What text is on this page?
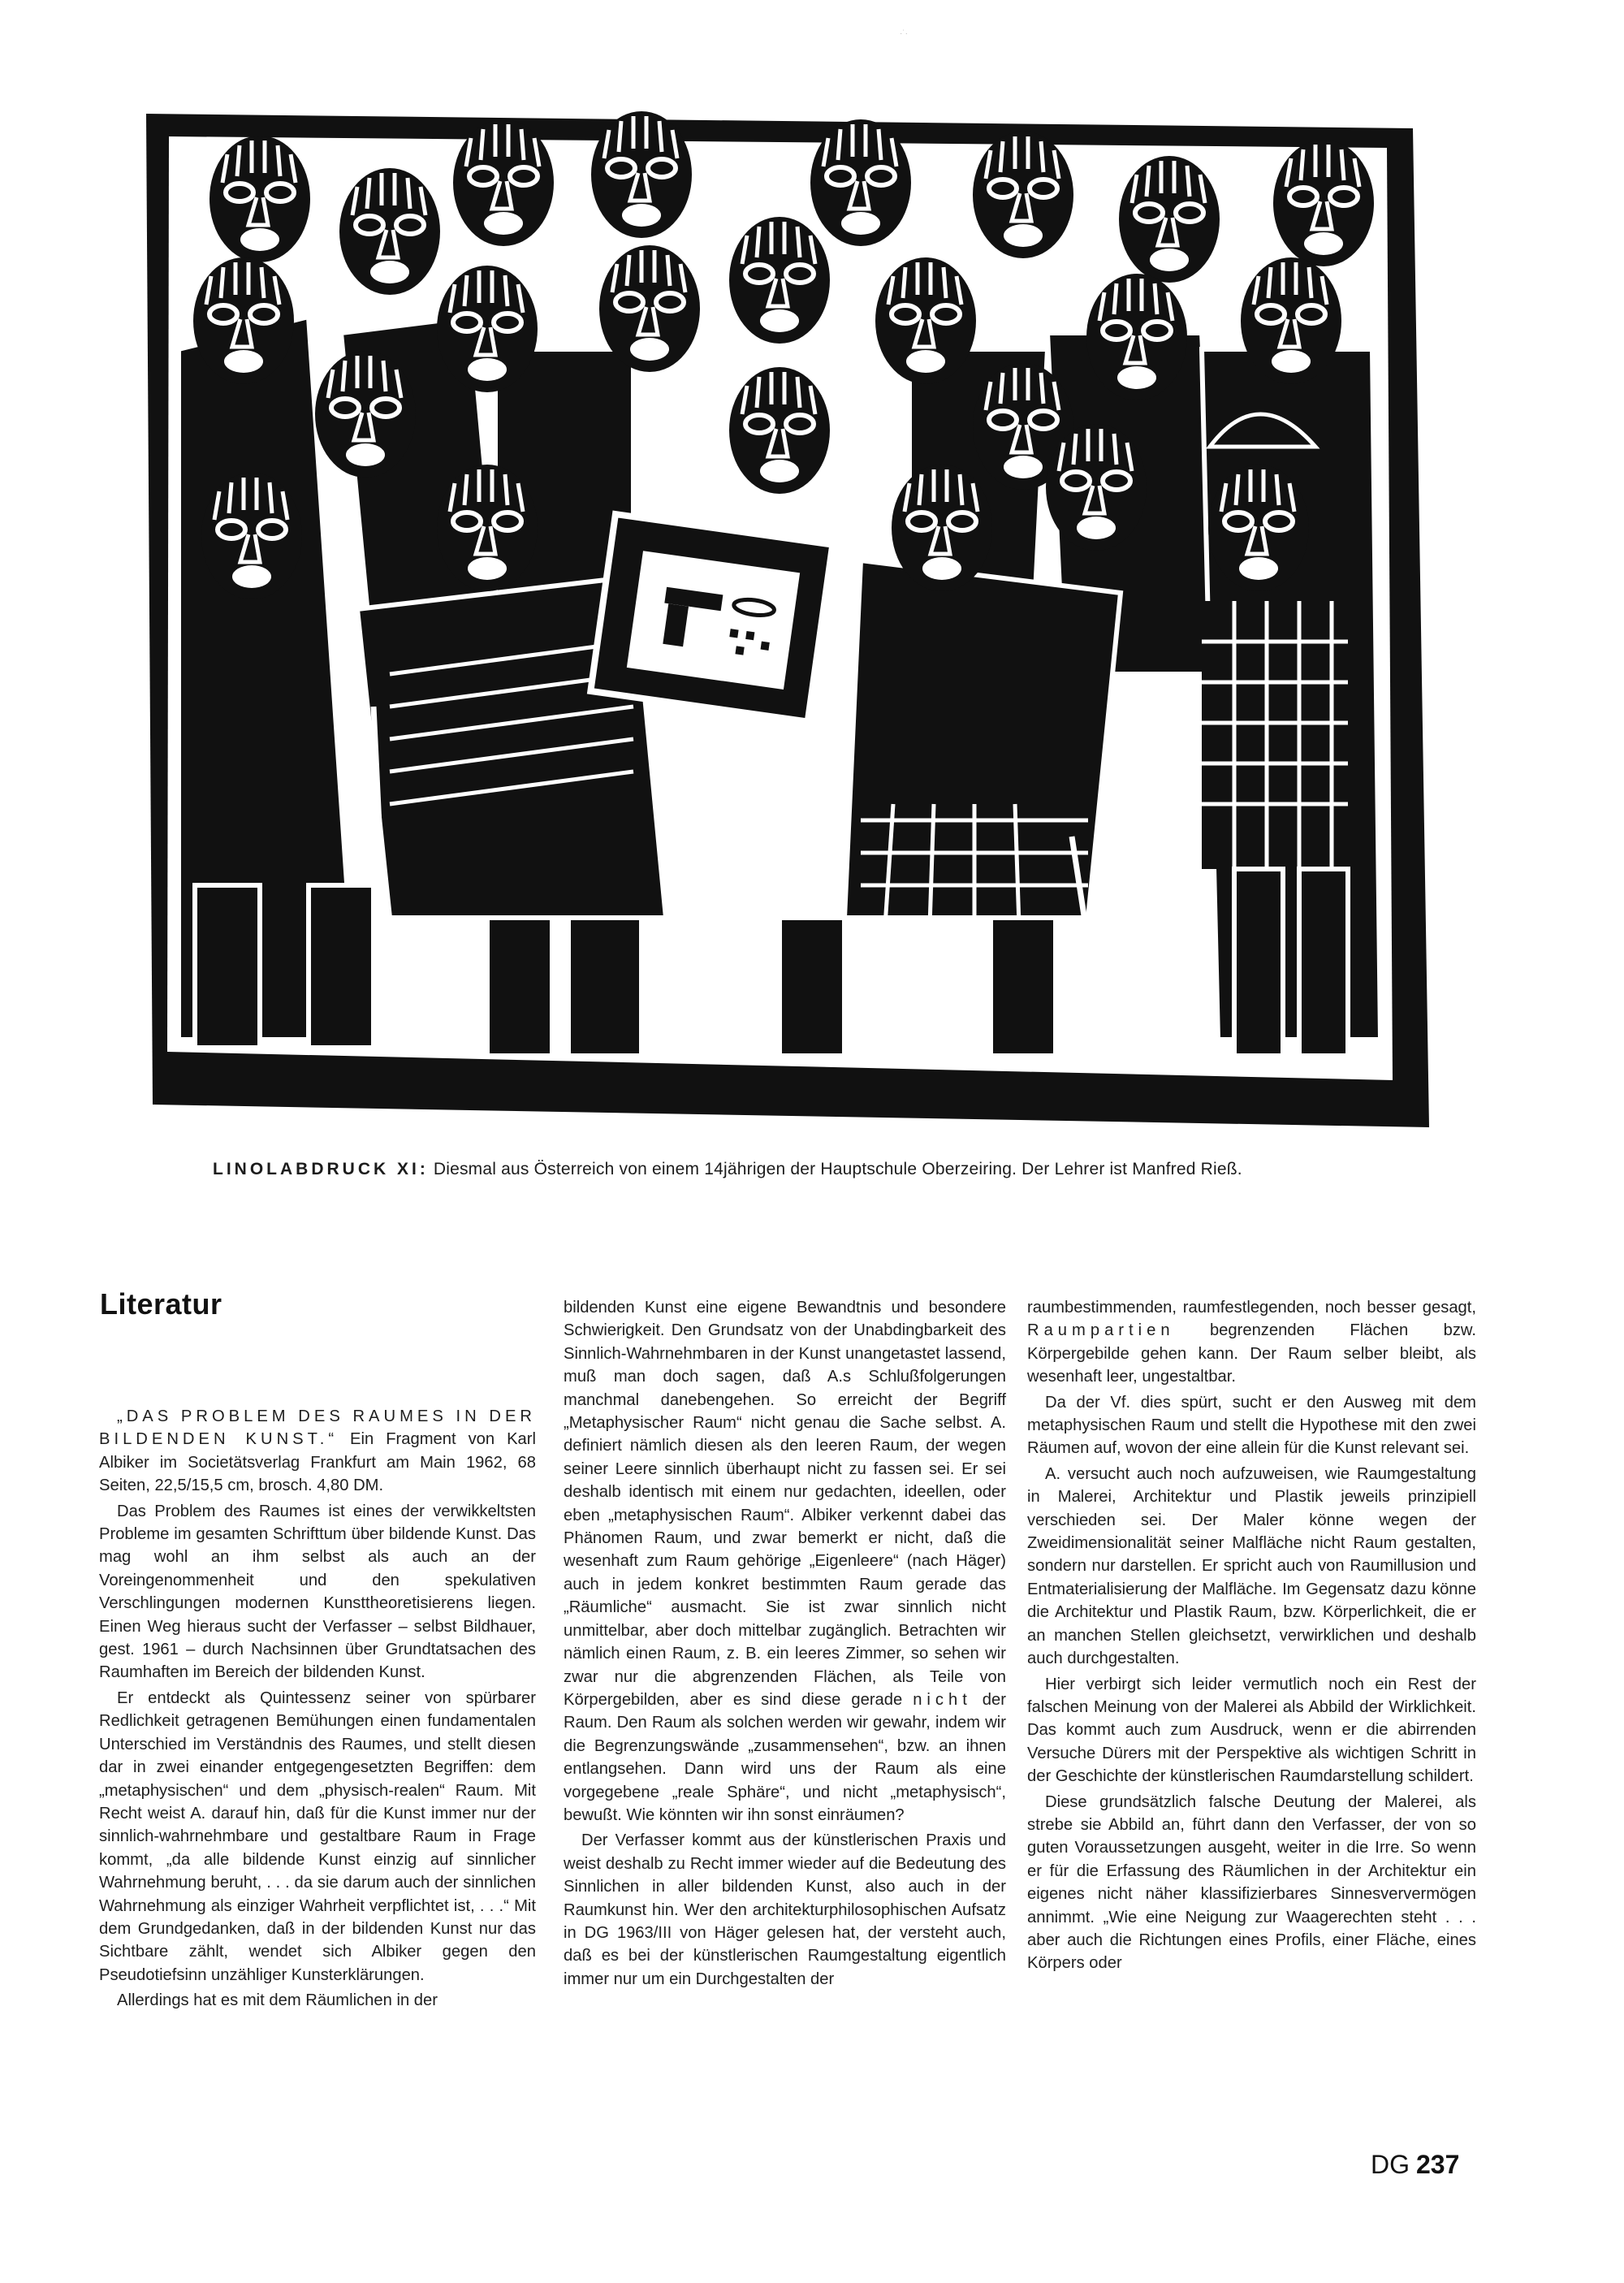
·˙·
LINOLABDRUCK XI: Diesmal aus Österreich von einem 14jährigen der Hauptschule Oberzeiring. Der Lehrer ist Manfred Rieß.
Literatur

„DAS PROBLEM DES RAUMES IN DER BILDENDEN KUNST.“ Ein Fragment von Karl Albiker im Societätsverlag Frankfurt am Main 1962, 68 Seiten, 22,5/15,5 cm, brosch. 4,80 DM.

Das Problem des Raumes ist eines der verwikkeltsten Probleme im gesamten Schrifttum über bildende Kunst. Das mag wohl an ihm selbst als auch an der Voreingenommenheit und den spekulativen Verschlingungen modernen Kunsttheoretisierens liegen. Einen Weg hieraus sucht der Verfasser – selbst Bildhauer, gest. 1961 – durch Nachsinnen über Grundtatsachen des Raumhaften im Bereich der bildenden Kunst.

Er entdeckt als Quintessenz seiner von spürbarer Redlichkeit getragenen Bemühungen einen fundamentalen Unterschied im Verständnis des Raumes, und stellt diesen dar in zwei einander entgegengesetzten Begriffen: dem „metaphysischen“ und dem „physisch-realen“ Raum. Mit Recht weist A. darauf hin, daß für die Kunst immer nur der sinnlich-wahrnehmbare und gestaltbare Raum in Frage kommt, „da alle bildende Kunst einzig auf sinnlicher Wahrnehmung beruht, . . . da sie darum auch der sinnlichen Wahrnehmung als einziger Wahrheit verpflichtet ist, . . .“ Mit dem Grundgedanken, daß in der bildenden Kunst nur das Sichtbare zählt, wendet sich Albiker gegen den Pseudotiefsinn unzähliger Kunsterklärungen.

Allerdings hat es mit dem Räumlichen in der

bildenden Kunst eine eigene Bewandtnis und besondere Schwierigkeit. Den Grundsatz von der Unabdingbarkeit des Sinnlich-Wahrnehmbaren in der Kunst unangetastet lassend, muß man doch sagen, daß A.s Schlußfolgerungen manchmal danebengehen. So erreicht der Begriff „Metaphysischer Raum“ nicht genau die Sache selbst. A. definiert nämlich diesen als den leeren Raum, der wegen seiner Leere sinnlich überhaupt nicht zu fassen sei. Er sei deshalb identisch mit einem nur gedachten, ideellen, oder eben „metaphysischen Raum“. Albiker verkennt dabei das Phänomen Raum, und zwar bemerkt er nicht, daß die wesenhaft zum Raum gehörige „Eigenleere“ (nach Häger) auch in jedem konkret bestimmten Raum gerade das „Räumliche“ ausmacht. Sie ist zwar sinnlich nicht unmittelbar, aber doch mittelbar zugänglich. Betrachten wir nämlich einen Raum, z. B. ein leeres Zimmer, so sehen wir zwar nur die abgrenzenden Flächen, als Teile von Körpergebilden, aber es sind diese gerade nicht der Raum. Den Raum als solchen werden wir gewahr, indem wir die Begrenzungswände „zusammensehen“, bzw. an ihnen entlangsehen. Dann wird uns der Raum als eine vorgegebene „reale Sphäre“, und nicht „metaphysisch“, bewußt. Wie könnten wir ihn sonst einräumen?

Der Verfasser kommt aus der künstlerischen Praxis und weist deshalb zu Recht immer wieder auf die Bedeutung des Sinnlichen in aller bildenden Kunst, also auch in der Raumkunst hin. Wer den architekturphilosophischen Aufsatz in DG 1963/III von Häger gelesen hat, der versteht auch, daß es bei der künstlerischen Raumgestaltung eigentlich immer nur um ein Durchgestalten der

raumbestimmenden, raumfestlegenden, noch besser gesagt, Raumpartien begrenzenden Flächen bzw. Körpergebilde gehen kann. Der Raum selber bleibt, als wesenhaft leer, ungestaltbar.

Da der Vf. dies spürt, sucht er den Ausweg mit dem metaphysischen Raum und stellt die Hypothese mit den zwei Räumen auf, wovon der eine allein für die Kunst relevant sei.

A. versucht auch noch aufzuweisen, wie Raumgestaltung in Malerei, Architektur und Plastik jeweils prinzipiell verschieden sei. Der Maler könne wegen der Zweidimensionalität seiner Malfläche nicht Raum gestalten, sondern nur darstellen. Er spricht auch von Raumillusion und Entmaterialisierung der Malfläche. Im Gegensatz dazu könne die Architektur und Plastik Raum, bzw. Körperlichkeit, die er an manchen Stellen gleichsetzt, verwirklichen und deshalb auch durchgestalten.

Hier verbirgt sich leider vermutlich noch ein Rest der falschen Meinung von der Malerei als Abbild der Wirklichkeit. Das kommt auch zum Ausdruck, wenn er die abirrenden Versuche Dürers mit der Perspektive als wichtigen Schritt in der Geschichte der künstlerischen Raumdarstellung schildert.

Diese grundsätzlich falsche Deutung der Malerei, als strebe sie Abbild an, führt dann den Verfasser, der von so guten Voraussetzungen ausgeht, weiter in die Irre. So wenn er für die Erfassung des Räumlichen in der Architektur ein eigenes nicht näher klassifizierbares Sinnesververmögen annimmt. „Wie eine Neigung zur Waagerechten steht . . . aber auch die Richtungen eines Profils, einer Fläche, eines Körpers oder

DG 237
